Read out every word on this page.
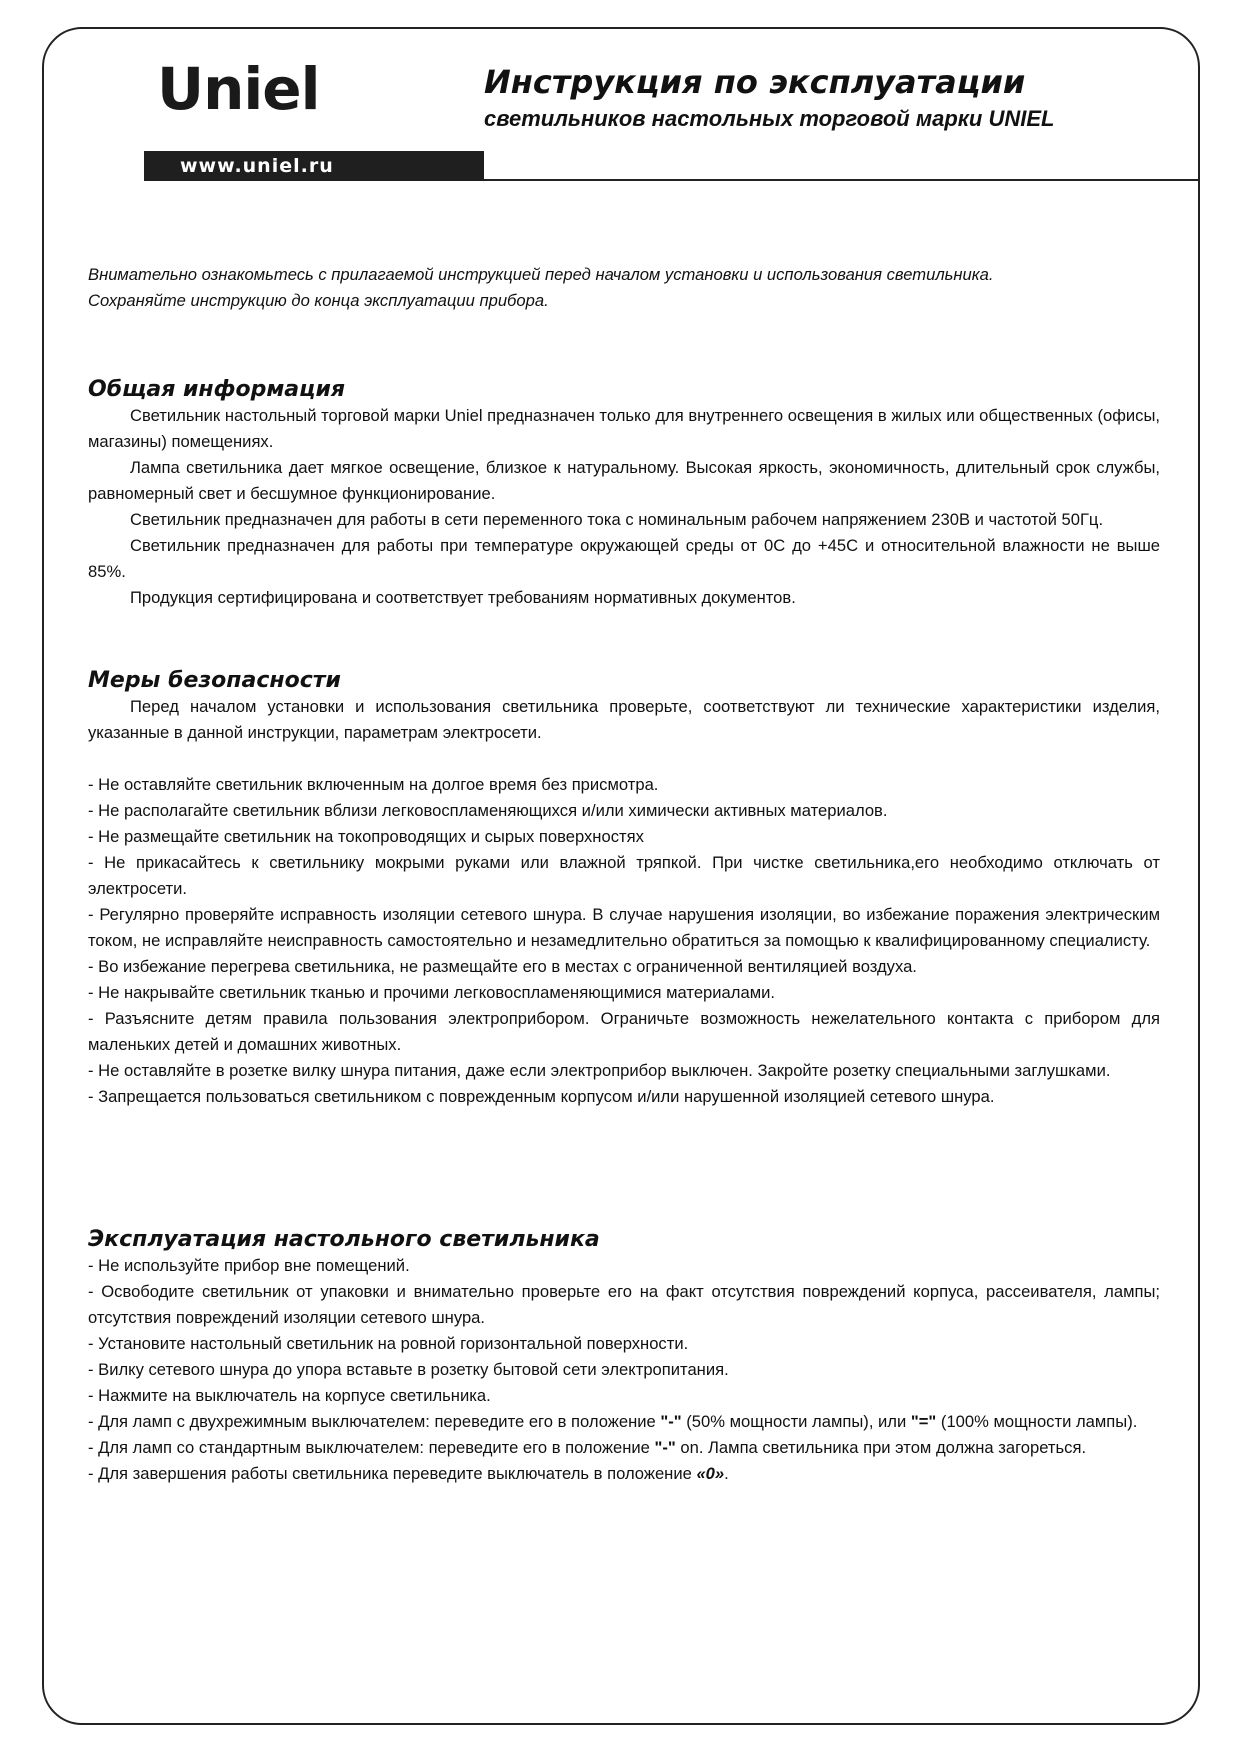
Uniel
www.uniel.ru
Инструкция по эксплуатации
светильников настольных торговой марки UNIEL
Внимательно ознакомьтесь с прилагаемой инструкцией перед началом установки и использования светильника.
Сохраняйте инструкцию до конца эксплуатации прибора.
Общая информация

Светильник настольный торговой марки Uniel предназначен только для внутреннего освещения в жилых или общественных (офисы, магазины) помещениях.

Лампа светильника дает мягкое освещение, близкое к натуральному. Высокая яркость, экономичность, длительный срок службы, равномерный свет и бесшумное функционирование.

Светильник предназначен для работы в сети переменного тока с номинальным рабочем напряжением 230В и частотой 50Гц.

Светильник предназначен для работы при температуре окружающей среды от 0С до +45С и относительной влажности не выше 85%.

Продукция сертифицирована и соответствует требованиям нормативных документов.

Меры безопасности

Перед началом установки и использования светильника проверьте, соответствуют ли технические характеристики изделия, указанные в данной инструкции, параметрам электросети.

- Не оставляйте светильник включенным на долгое время без присмотра.

- Не располагайте светильник вблизи легковоспламеняющихся и/или химически активных материалов.

- Не размещайте светильник на токопроводящих и сырых поверхностях

- Не прикасайтесь к светильнику мокрыми руками или влажной тряпкой. При чистке светильника,его необходимо отключать от электросети.

- Регулярно проверяйте исправность изоляции сетевого шнура. В случае нарушения изоляции, во избежание поражения электрическим током, не исправляйте неисправность самостоятельно и незамедлительно обратиться за помощью к квалифицированному специалисту.

- Во избежание перегрева светильника, не размещайте его в местах с ограниченной вентиляцией воздуха.

- Не накрывайте светильник тканью и прочими легковоспламеняющимися материалами.

- Разъясните детям правила пользования электроприбором. Ограничьте возможность нежелательного контакта с прибором для маленьких детей и домашних животных.

- Не оставляйте в розетке вилку шнура питания, даже если электроприбор выключен. Закройте розетку специальными заглушками.

- Запрещается пользоваться светильником с поврежденным корпусом и/или нарушенной изоляцией сетевого шнура.

Эксплуатация настольного светильника

- Не используйте прибор вне помещений.

- Освободите светильник от упаковки и внимательно проверьте его на факт отсутствия повреждений корпуса, рассеивателя, лампы; отсутствия повреждений изоляции сетевого шнура.

- Установите настольный светильник на ровной горизонтальной поверхности.

- Вилку сетевого шнура до упора вставьте в розетку бытовой сети электропитания.

- Нажмите на выключатель на корпусе светильника.

- Для ламп с двухрежимным выключателем: переведите его в положение "-" (50% мощности лампы), или "=" (100% мощности лампы).

- Для ламп со стандартным выключателем: переведите его в положение "-" on. Лампа светильника при этом должна загореться.

- Для завершения работы светильника переведите выключатель в положение «0».
